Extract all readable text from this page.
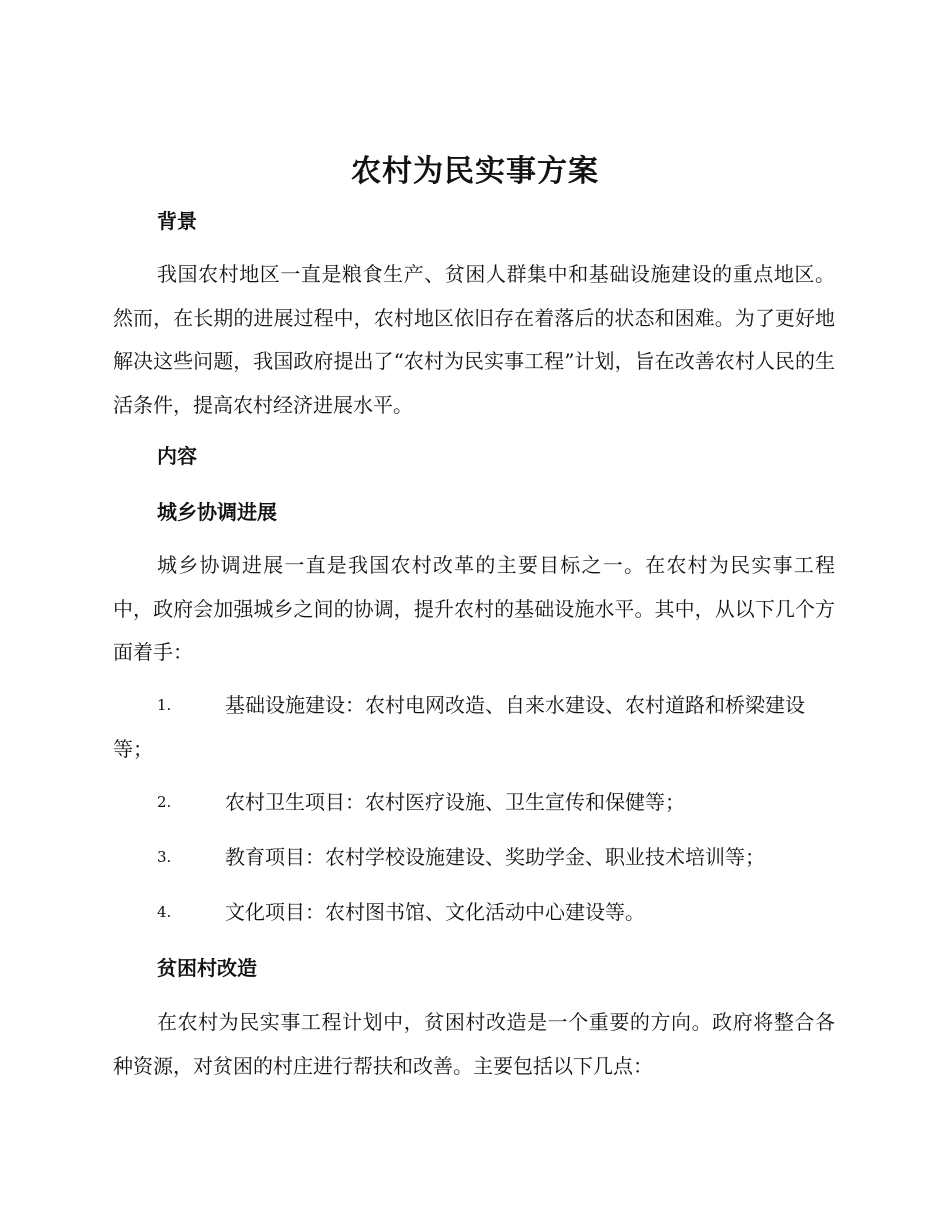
农村为民实事方案
背景

我国农村地区一直是粮食生产、贫困人群集中和基础设施建设的重点地区。然而，在长期的进展过程中，农村地区依旧存在着落后的状态和困难。为了更好地解决这些问题，我国政府提出了“农村为民实事工程”计划，旨在改善农村人民的生活条件，提高农村经济进展水平。

内容
城乡协调进展

城乡协调进展一直是我国农村改革的主要目标之一。在农村为民实事工程中，政府会加强城乡之间的协调，提升农村的基础设施水平。其中，从以下几个方面着手：

1.	基础设施建设：农村电网改造、自来水建设、农村道路和桥梁建设等；
2.	农村卫生项目：农村医疗设施、卫生宣传和保健等；
3.	教育项目：农村学校设施建设、奖助学金、职业技术培训等；
4.	文化项目：农村图书馆、文化活动中心建设等。
贫困村改造

在农村为民实事工程计划中，贫困村改造是一个重要的方向。政府将整合各种资源，对贫困的村庄进行帮扶和改善。主要包括以下几点：
